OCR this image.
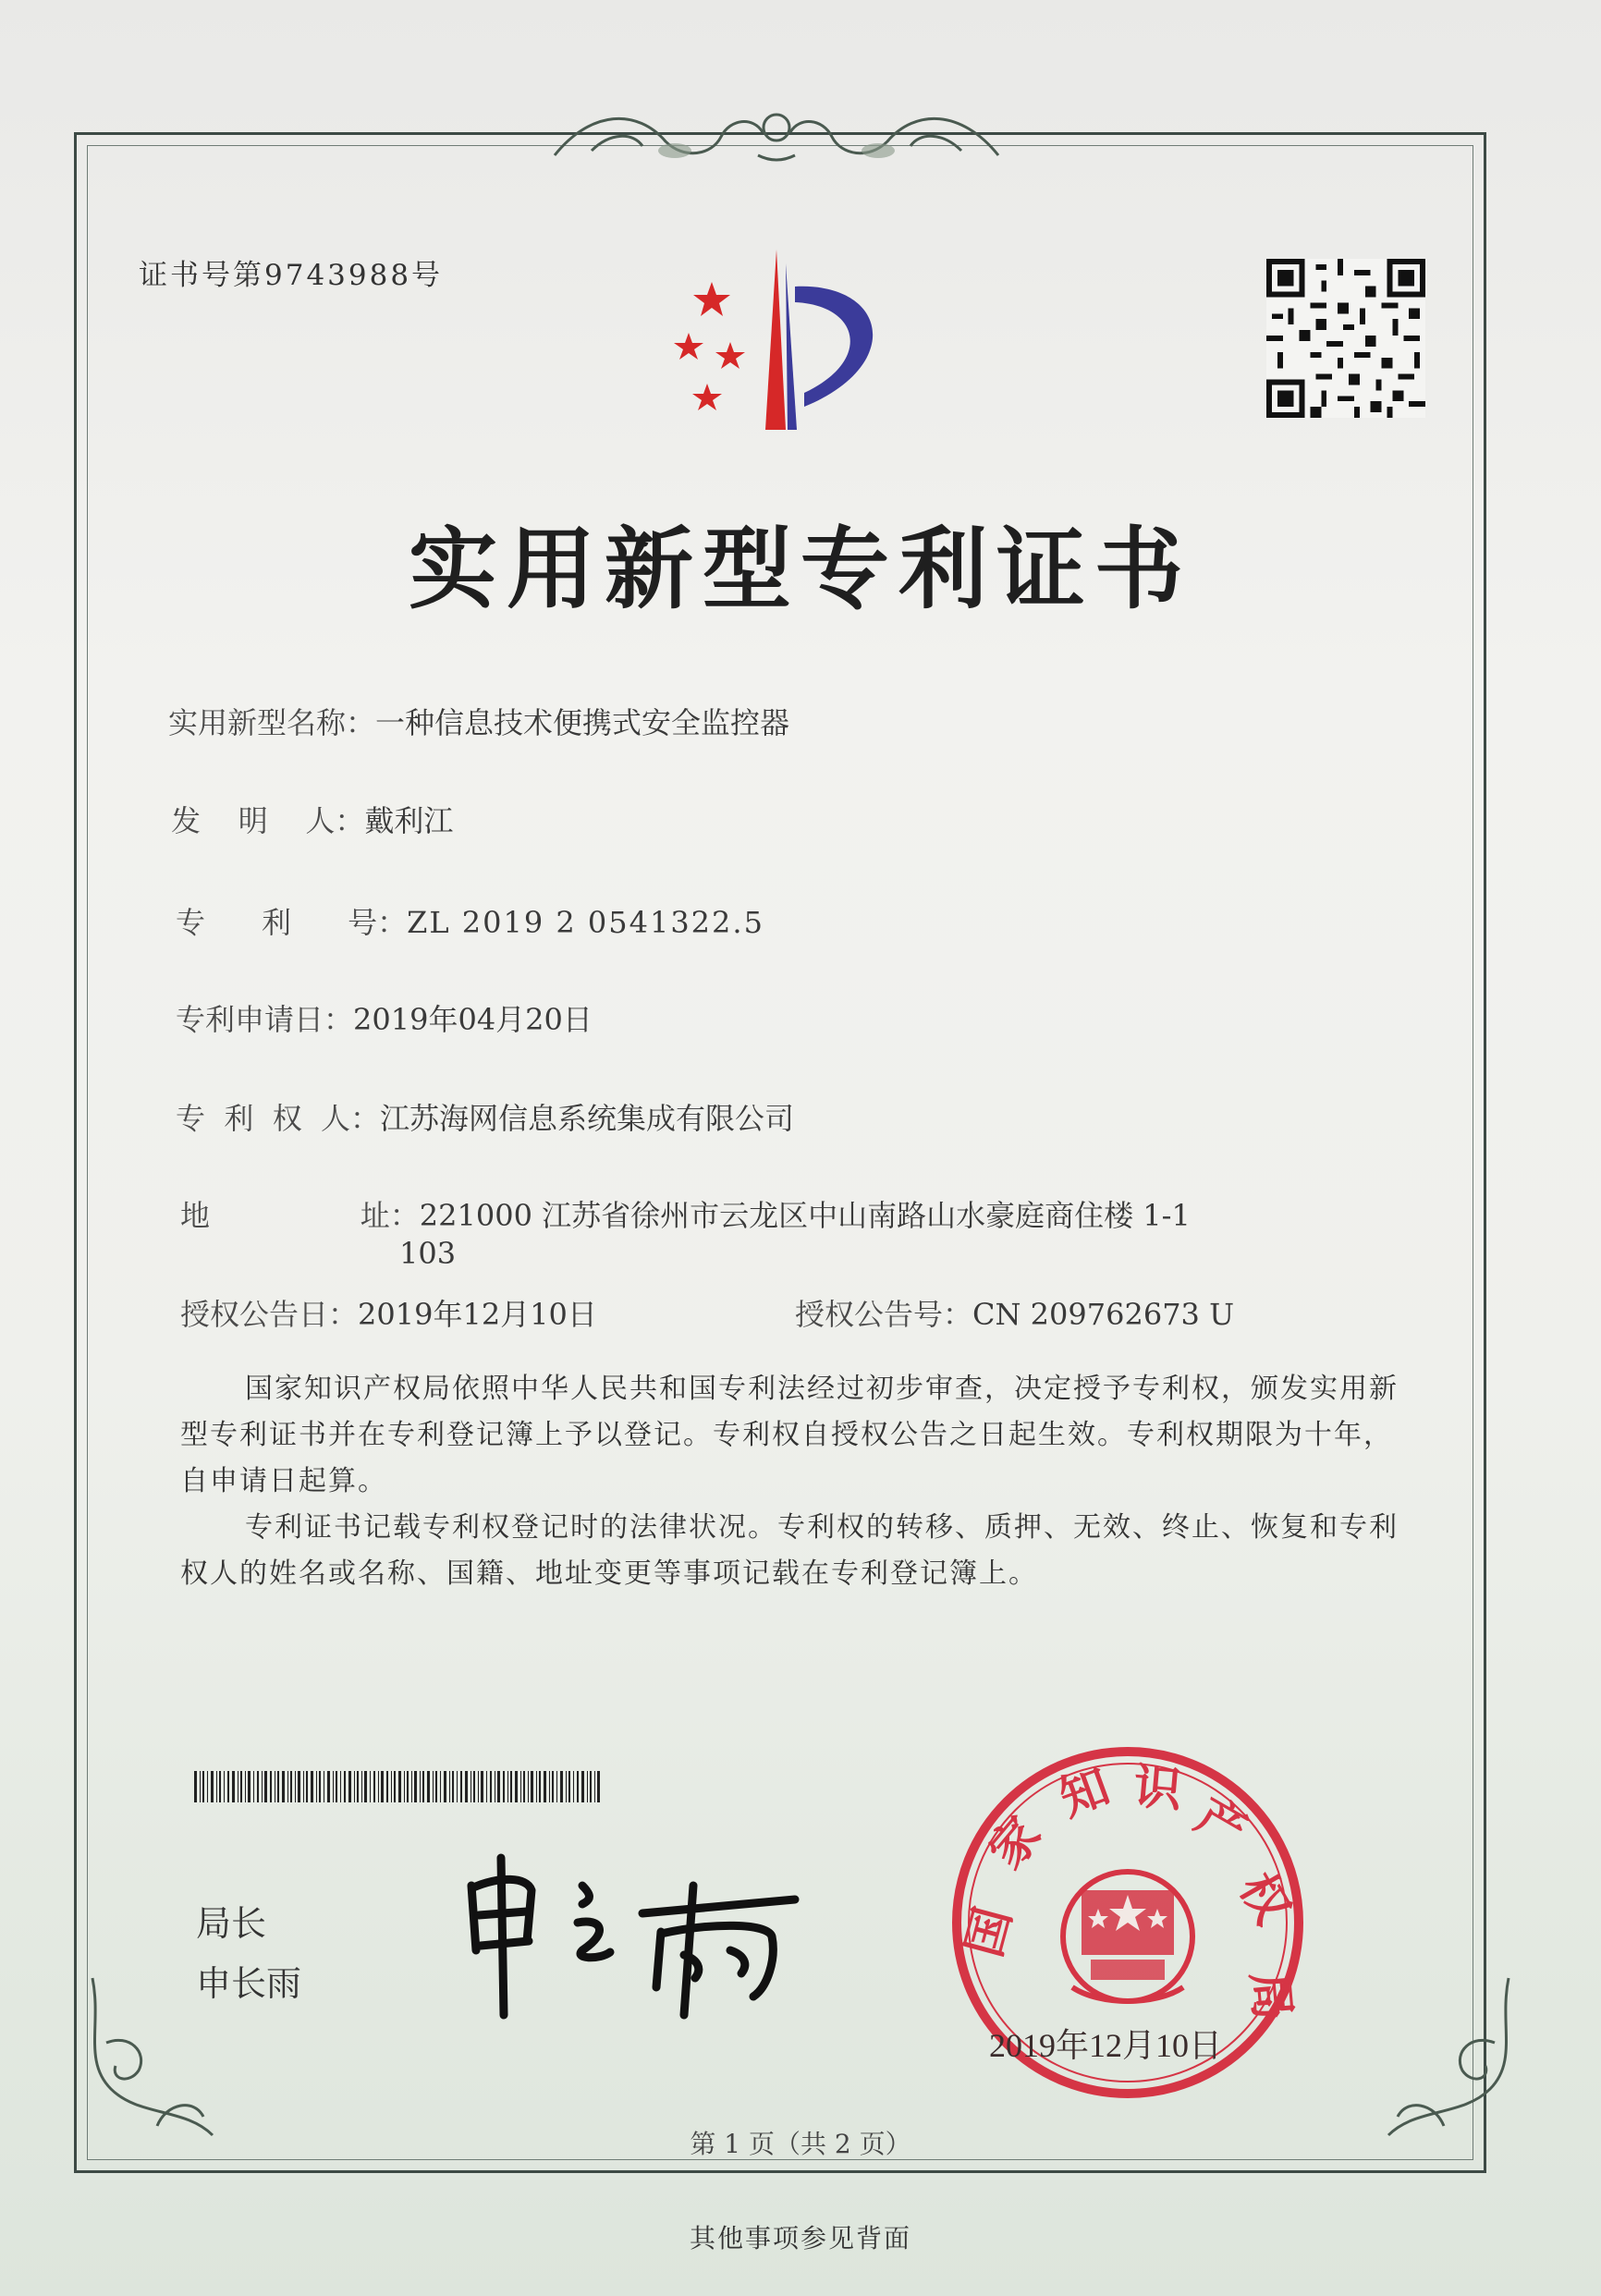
证书号第9743988号
实用新型专利证书
实用新型名称：一种信息技术便携式安全监控器
发    明    人：戴利江
专      利      号：ZL 2019 2 0541322.5
专利申请日：2019年04月20日
专  利  权  人：江苏海网信息系统集成有限公司
地                址：221000 江苏省徐州市云龙区中山南路山水豪庭商住楼 1-1
103
授权公告日：2019年12月10日	授权公告号：CN 209762673 U
国家知识产权局依照中华人民共和国专利法经过初步审查，决定授予专利权，颁发实用新型专利证书并在专利登记簿上予以登记。专利权自授权公告之日起生效。专利权期限为十年，自申请日起算。
专利证书记载专利权登记时的法律状况。专利权的转移、质押、无效、终止、恢复和专利权人的姓名或名称、国籍、地址变更等事项记载在专利登记簿上。
局长
申长雨
国
家
知 识 产
权
局
2019年12月10日
第 1 页（共 2 页）
其他事项参见背面
